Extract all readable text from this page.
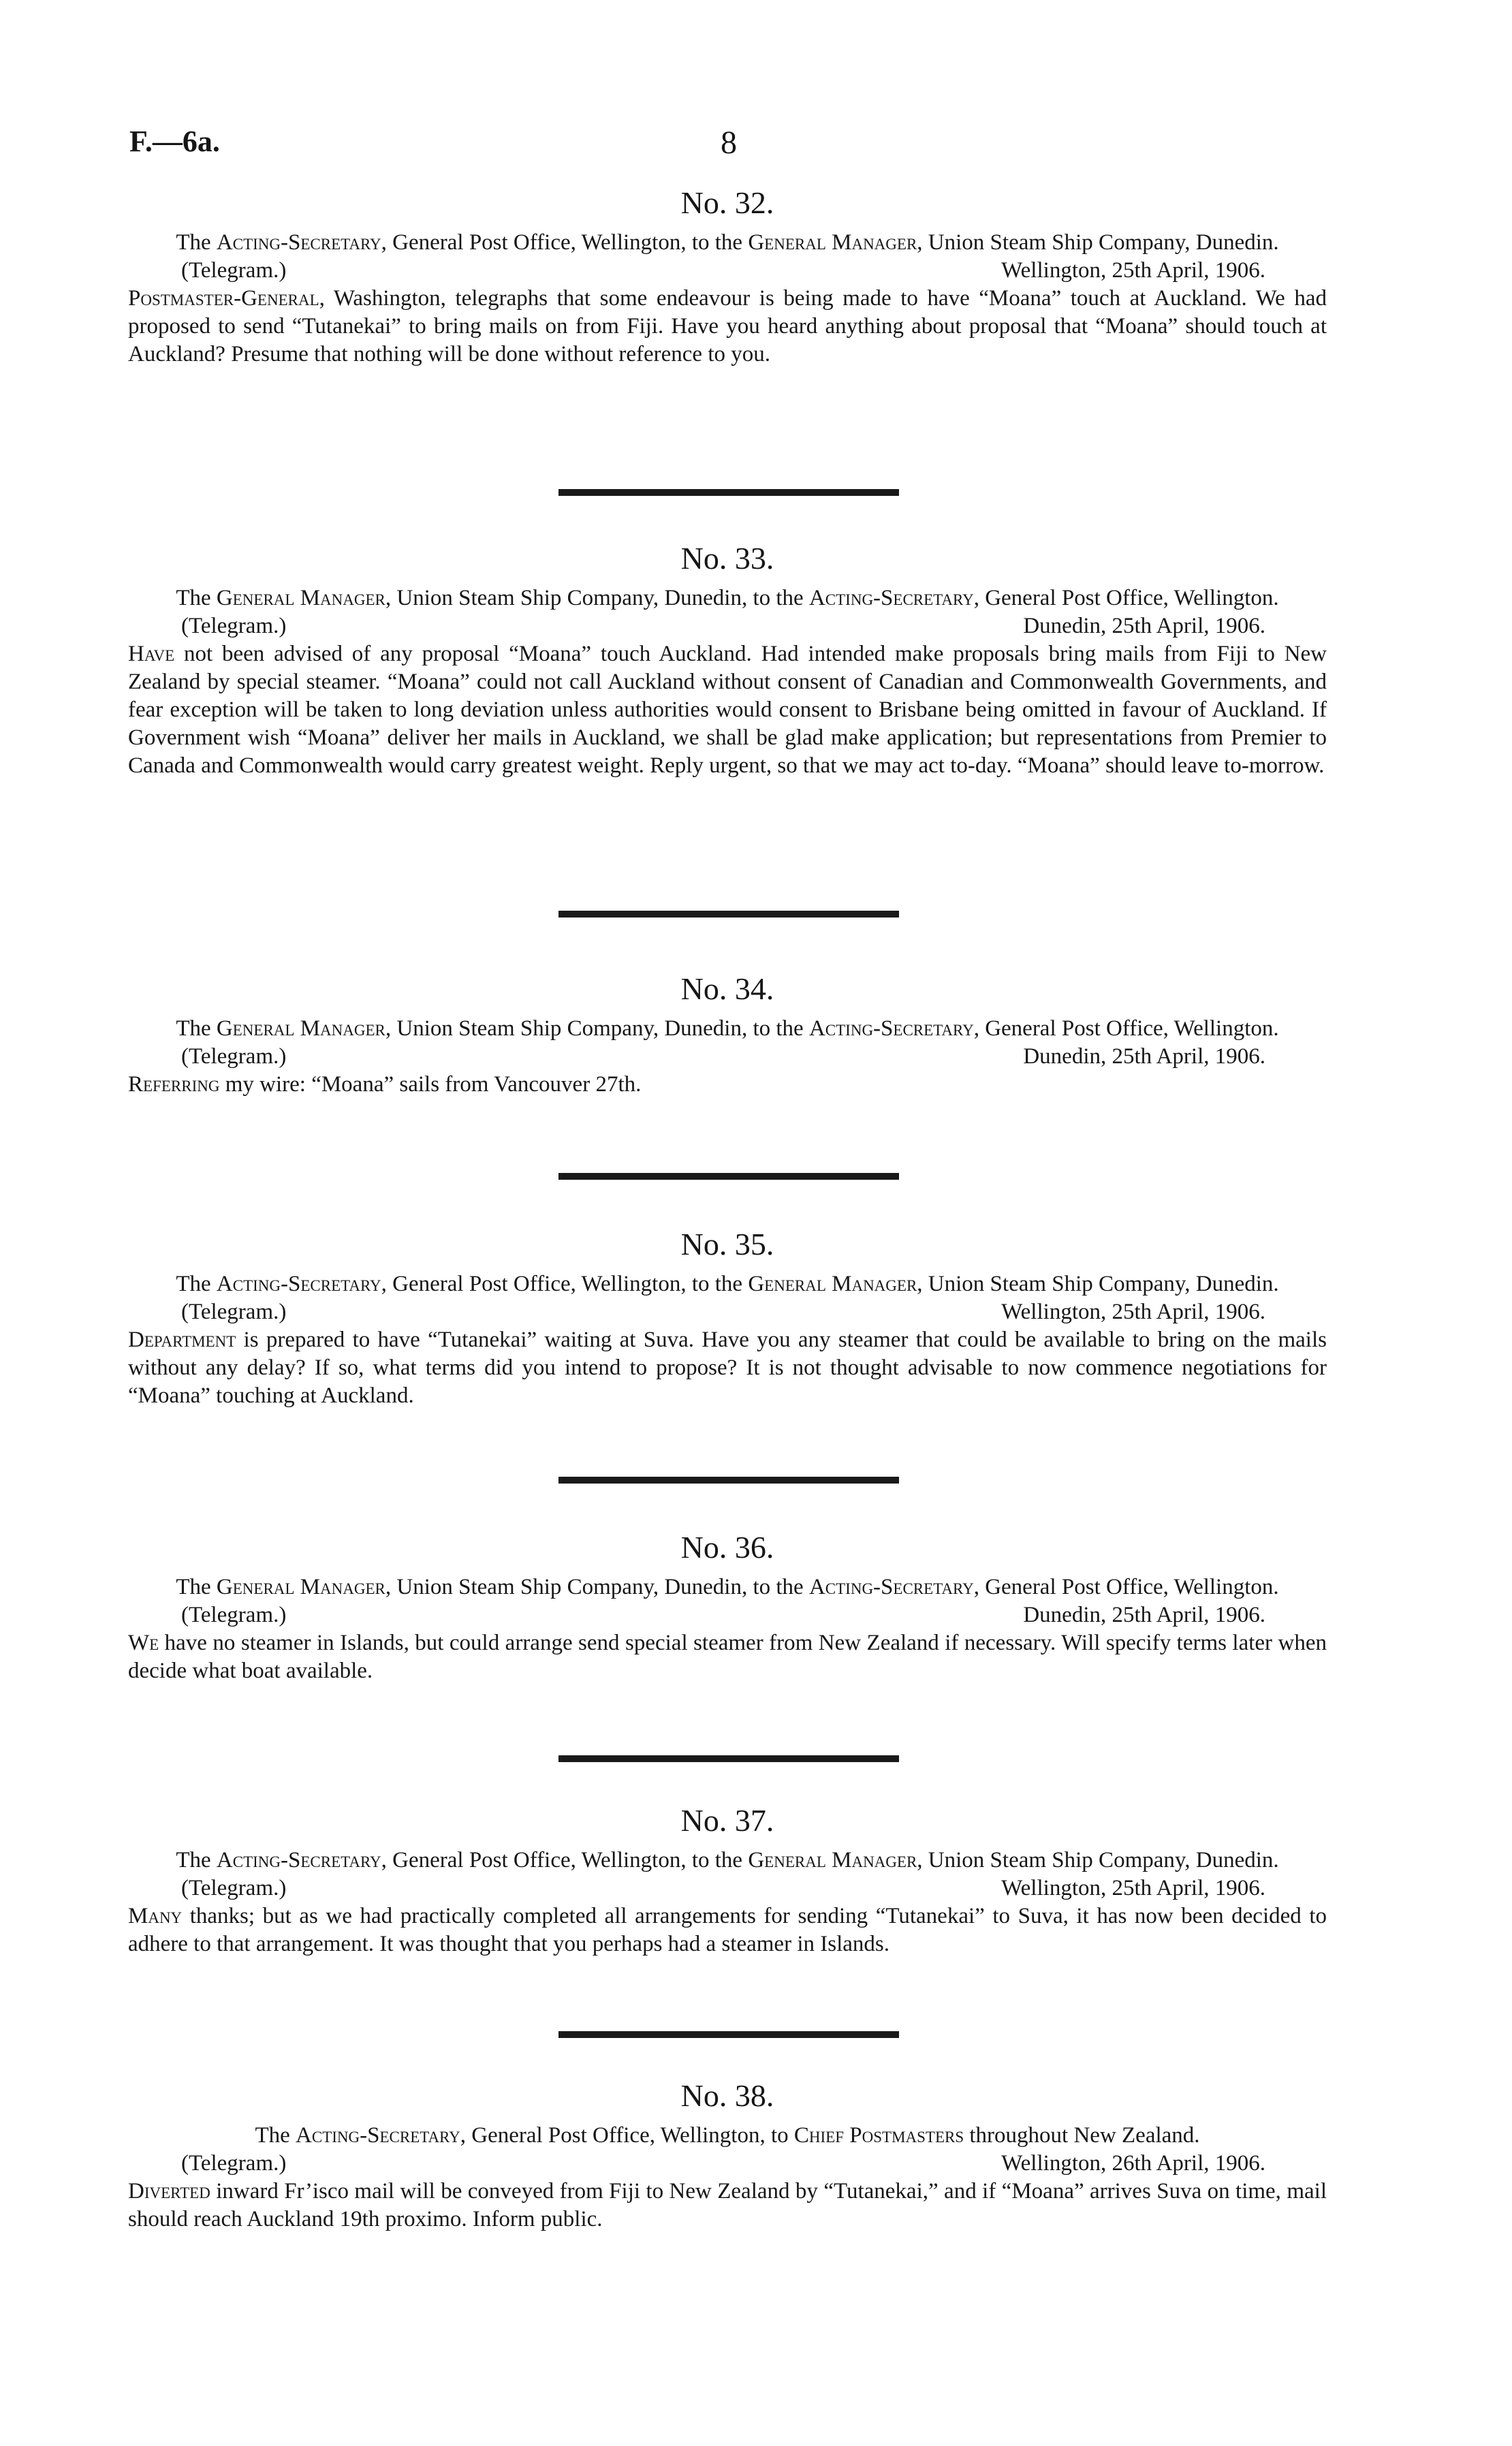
F.—6a.	8
No. 32.
The Acting-Secretary, General Post Office, Wellington, to the General Manager, Union Steam Ship Company, Dunedin.
(Telegram.)	Wellington, 25th April, 1906.

Postmaster-General, Washington, telegraphs that some endeavour is being made to have “Moana” touch at Auckland. We had proposed to send “Tutanekai” to bring mails on from Fiji. Have you heard anything about proposal that “Moana” should touch at Auckland? Presume that nothing will be done without reference to you.

No. 33.
The General Manager, Union Steam Ship Company, Dunedin, to the Acting-Secretary, General Post Office, Wellington.
(Telegram.)	Dunedin, 25th April, 1906.

Have not been advised of any proposal “Moana” touch Auckland. Had intended make proposals bring mails from Fiji to New Zealand by special steamer. “Moana” could not call Auckland without consent of Canadian and Commonwealth Governments, and fear exception will be taken to long deviation unless authorities would consent to Brisbane being omitted in favour of Auckland. If Government wish “Moana” deliver her mails in Auckland, we shall be glad make application; but representations from Premier to Canada and Commonwealth would carry greatest weight. Reply urgent, so that we may act to-day. “Moana” should leave to-morrow.

No. 34.
The General Manager, Union Steam Ship Company, Dunedin, to the Acting-Secretary, General Post Office, Wellington.
(Telegram.)	Dunedin, 25th April, 1906.

Referring my wire: “Moana” sails from Vancouver 27th.

No. 35.
The Acting-Secretary, General Post Office, Wellington, to the General Manager, Union Steam Ship Company, Dunedin.
(Telegram.)	Wellington, 25th April, 1906.

Department is prepared to have “Tutanekai” waiting at Suva. Have you any steamer that could be available to bring on the mails without any delay? If so, what terms did you intend to propose? It is not thought advisable to now commence negotiations for “Moana” touching at Auckland.

No. 36.
The General Manager, Union Steam Ship Company, Dunedin, to the Acting-Secretary, General Post Office, Wellington.
(Telegram.)	Dunedin, 25th April, 1906.

We have no steamer in Islands, but could arrange send special steamer from New Zealand if necessary. Will specify terms later when decide what boat available.

No. 37.
The Acting-Secretary, General Post Office, Wellington, to the General Manager, Union Steam Ship Company, Dunedin.
(Telegram.)	Wellington, 25th April, 1906.

Many thanks; but as we had practically completed all arrangements for sending “Tutanekai” to Suva, it has now been decided to adhere to that arrangement. It was thought that you perhaps had a steamer in Islands.

No. 38.
The Acting-Secretary, General Post Office, Wellington, to Chief Postmasters throughout New Zealand.
(Telegram.)	Wellington, 26th April, 1906.

Diverted inward Fr’isco mail will be conveyed from Fiji to New Zealand by “Tutanekai,” and if “Moana” arrives Suva on time, mail should reach Auckland 19th proximo. Inform public.
